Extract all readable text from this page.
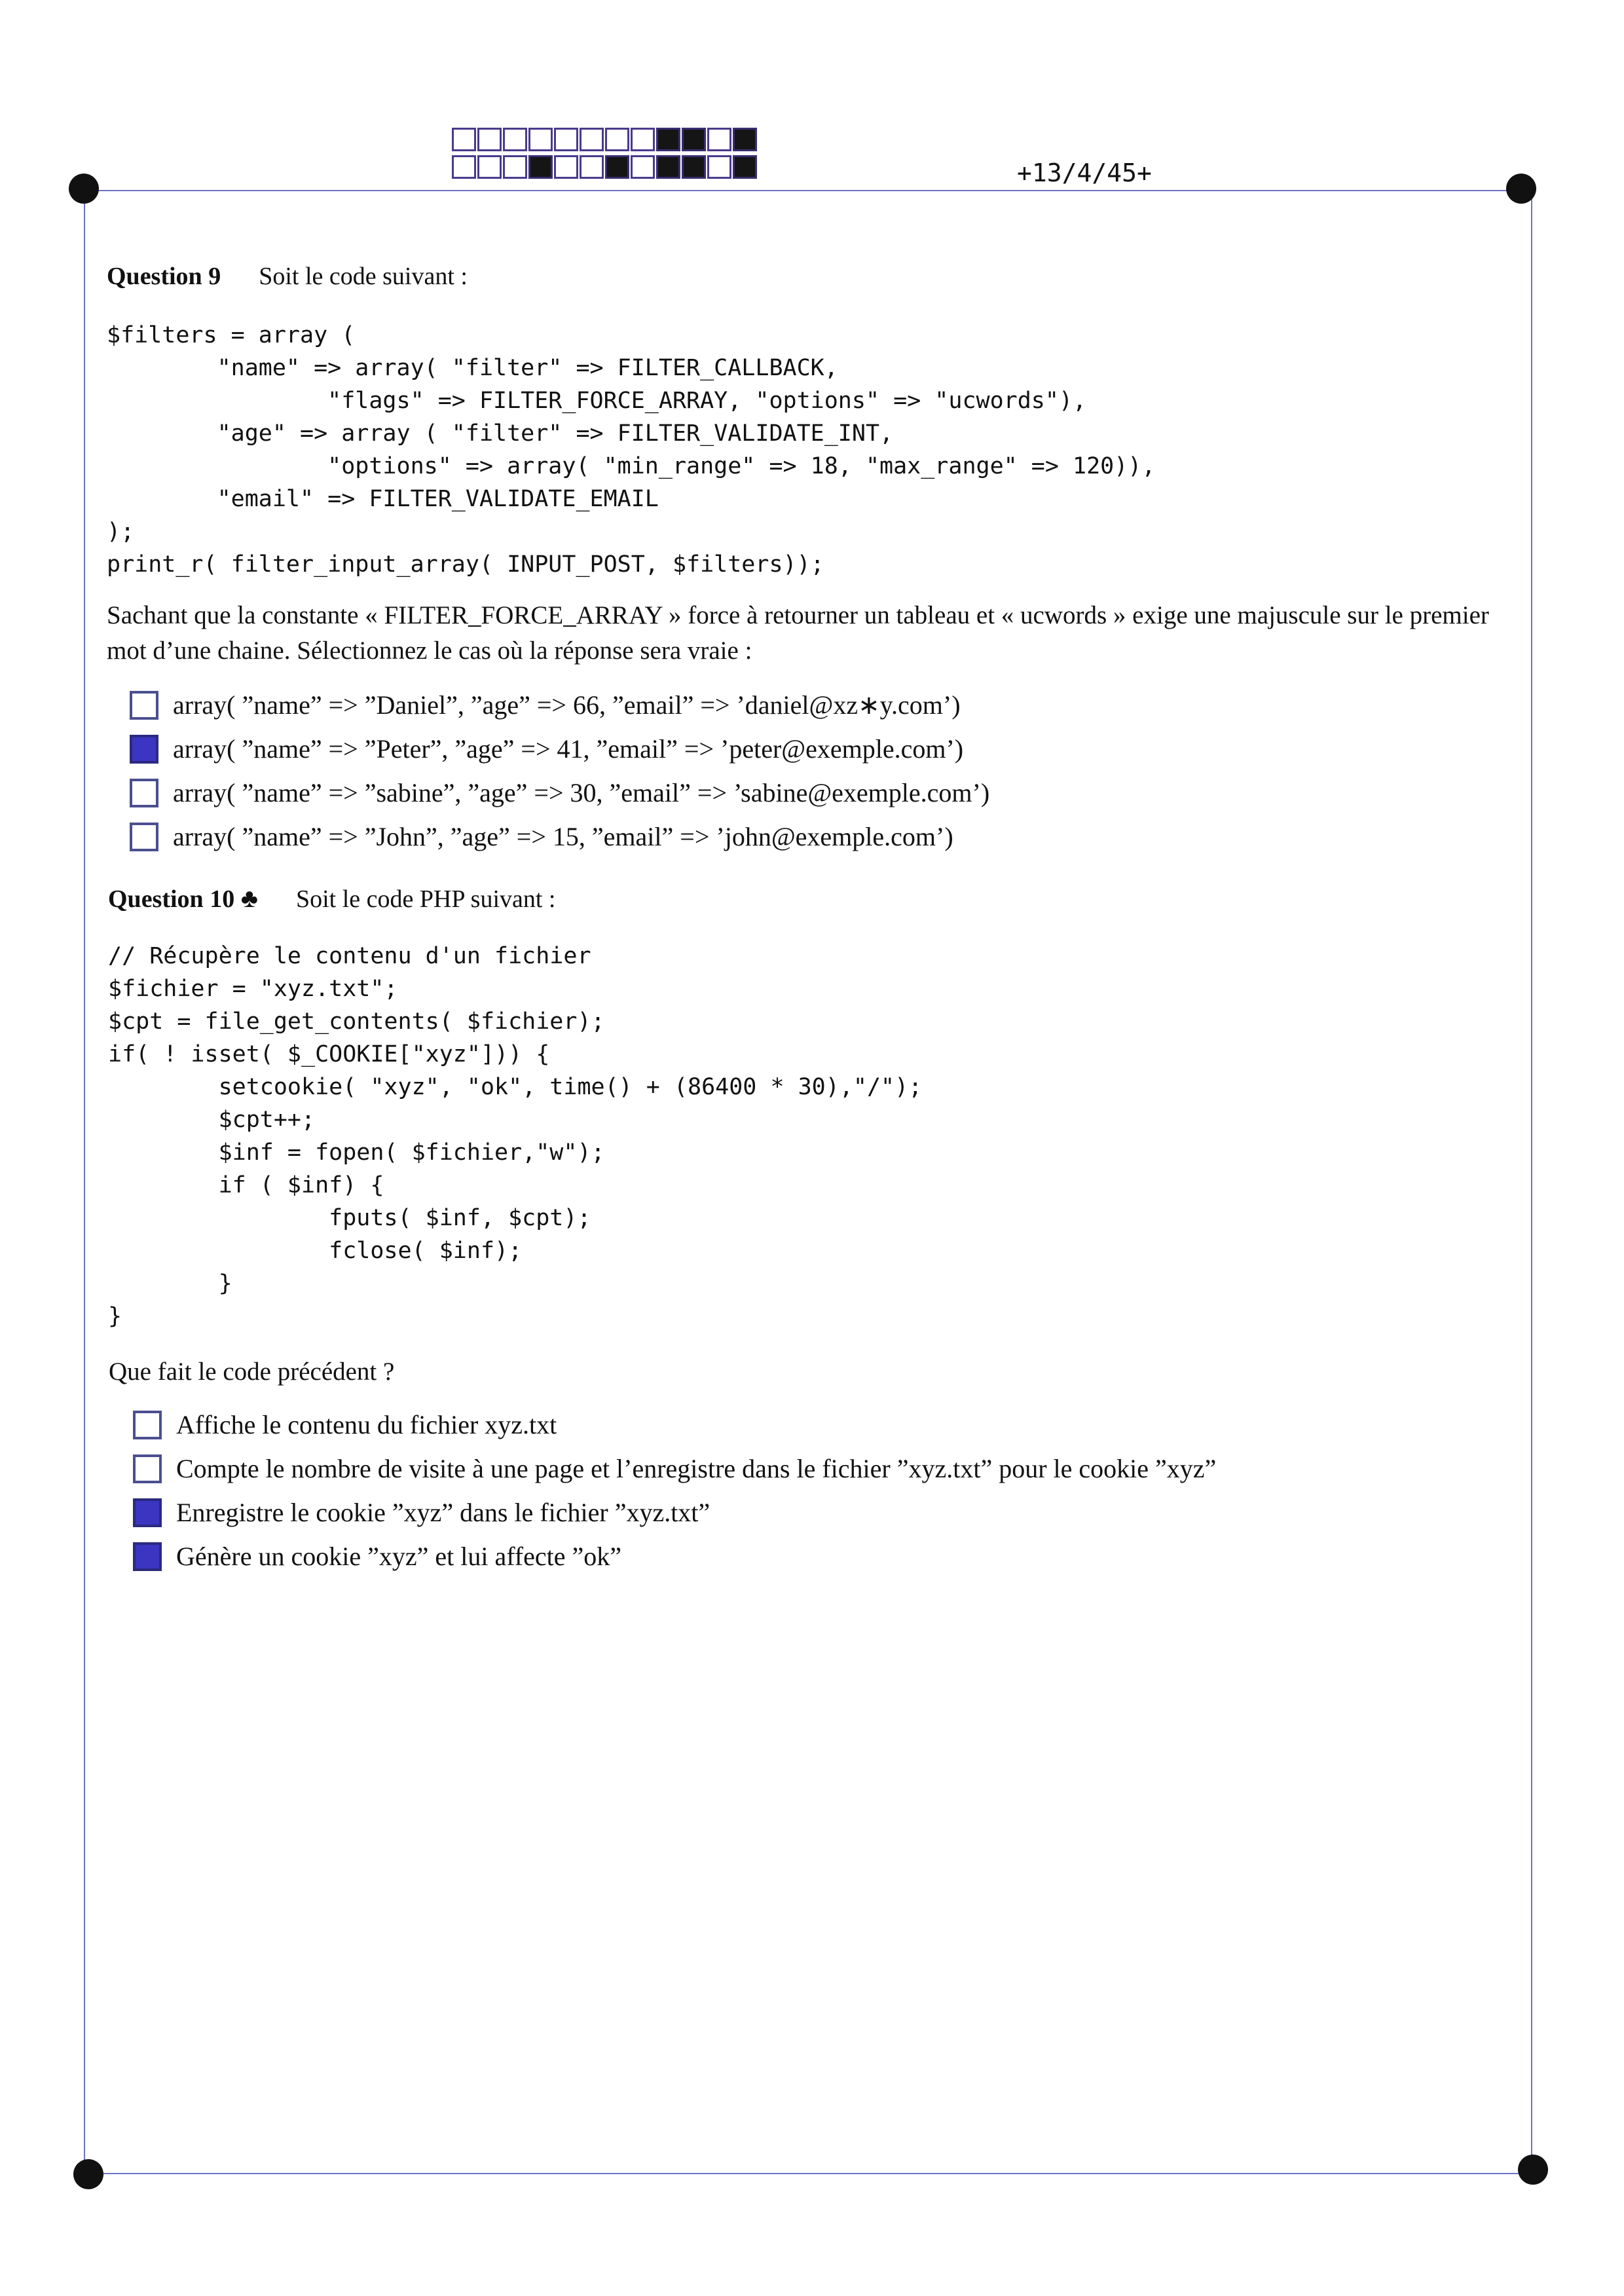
+13/4/45+
Question 9 Soit le code suivant :
$filters = array (
"name" => array( "filter" => FILTER_CALLBACK,
"flags" => FILTER_FORCE_ARRAY, "options" => "ucwords"),
"age" => array ( "filter" => FILTER_VALIDATE_INT,
"options" => array( "min_range" => 18, "max_range" => 120)),
"email" => FILTER_VALIDATE_EMAIL
);
print_r( filter_input_array( INPUT_POST, $filters));
Sachant que la constante « FILTER_FORCE_ARRAY » force à retourner un tableau et « ucwords » exige une majuscule sur le premier mot d’une chaine. Sélectionnez le cas où la réponse sera vraie :
array( ”name” => ”Daniel”, ”age” => 66, ”email” => ’daniel@xz∗y.com’)
array( ”name” => ”Peter”, ”age” => 41, ”email” => ’peter@exemple.com’)
array( ”name” => ”sabine”, ”age” => 30, ”email” => ’sabine@exemple.com’)
array( ”name” => ”John”, ”age” => 15, ”email” => ’john@exemple.com’)
Question 10 ♣ Soit le code PHP suivant :
// Récupère le contenu d'un fichier
$fichier = "xyz.txt";
$cpt = file_get_contents( $fichier);
if( ! isset( $_COOKIE["xyz"])) {
setcookie( "xyz", "ok", time() + (86400 * 30),"/");
$cpt++;
$inf = fopen( $fichier,"w");
if ( $inf) {
fputs( $inf, $cpt);
fclose( $inf);
}
}
Que fait le code précédent ?
Affiche le contenu du fichier xyz.txt
Compte le nombre de visite à une page et l’enregistre dans le fichier ”xyz.txt” pour le cookie ”xyz”
Enregistre le cookie ”xyz” dans le fichier ”xyz.txt”
Génère un cookie ”xyz” et lui affecte ”ok”
